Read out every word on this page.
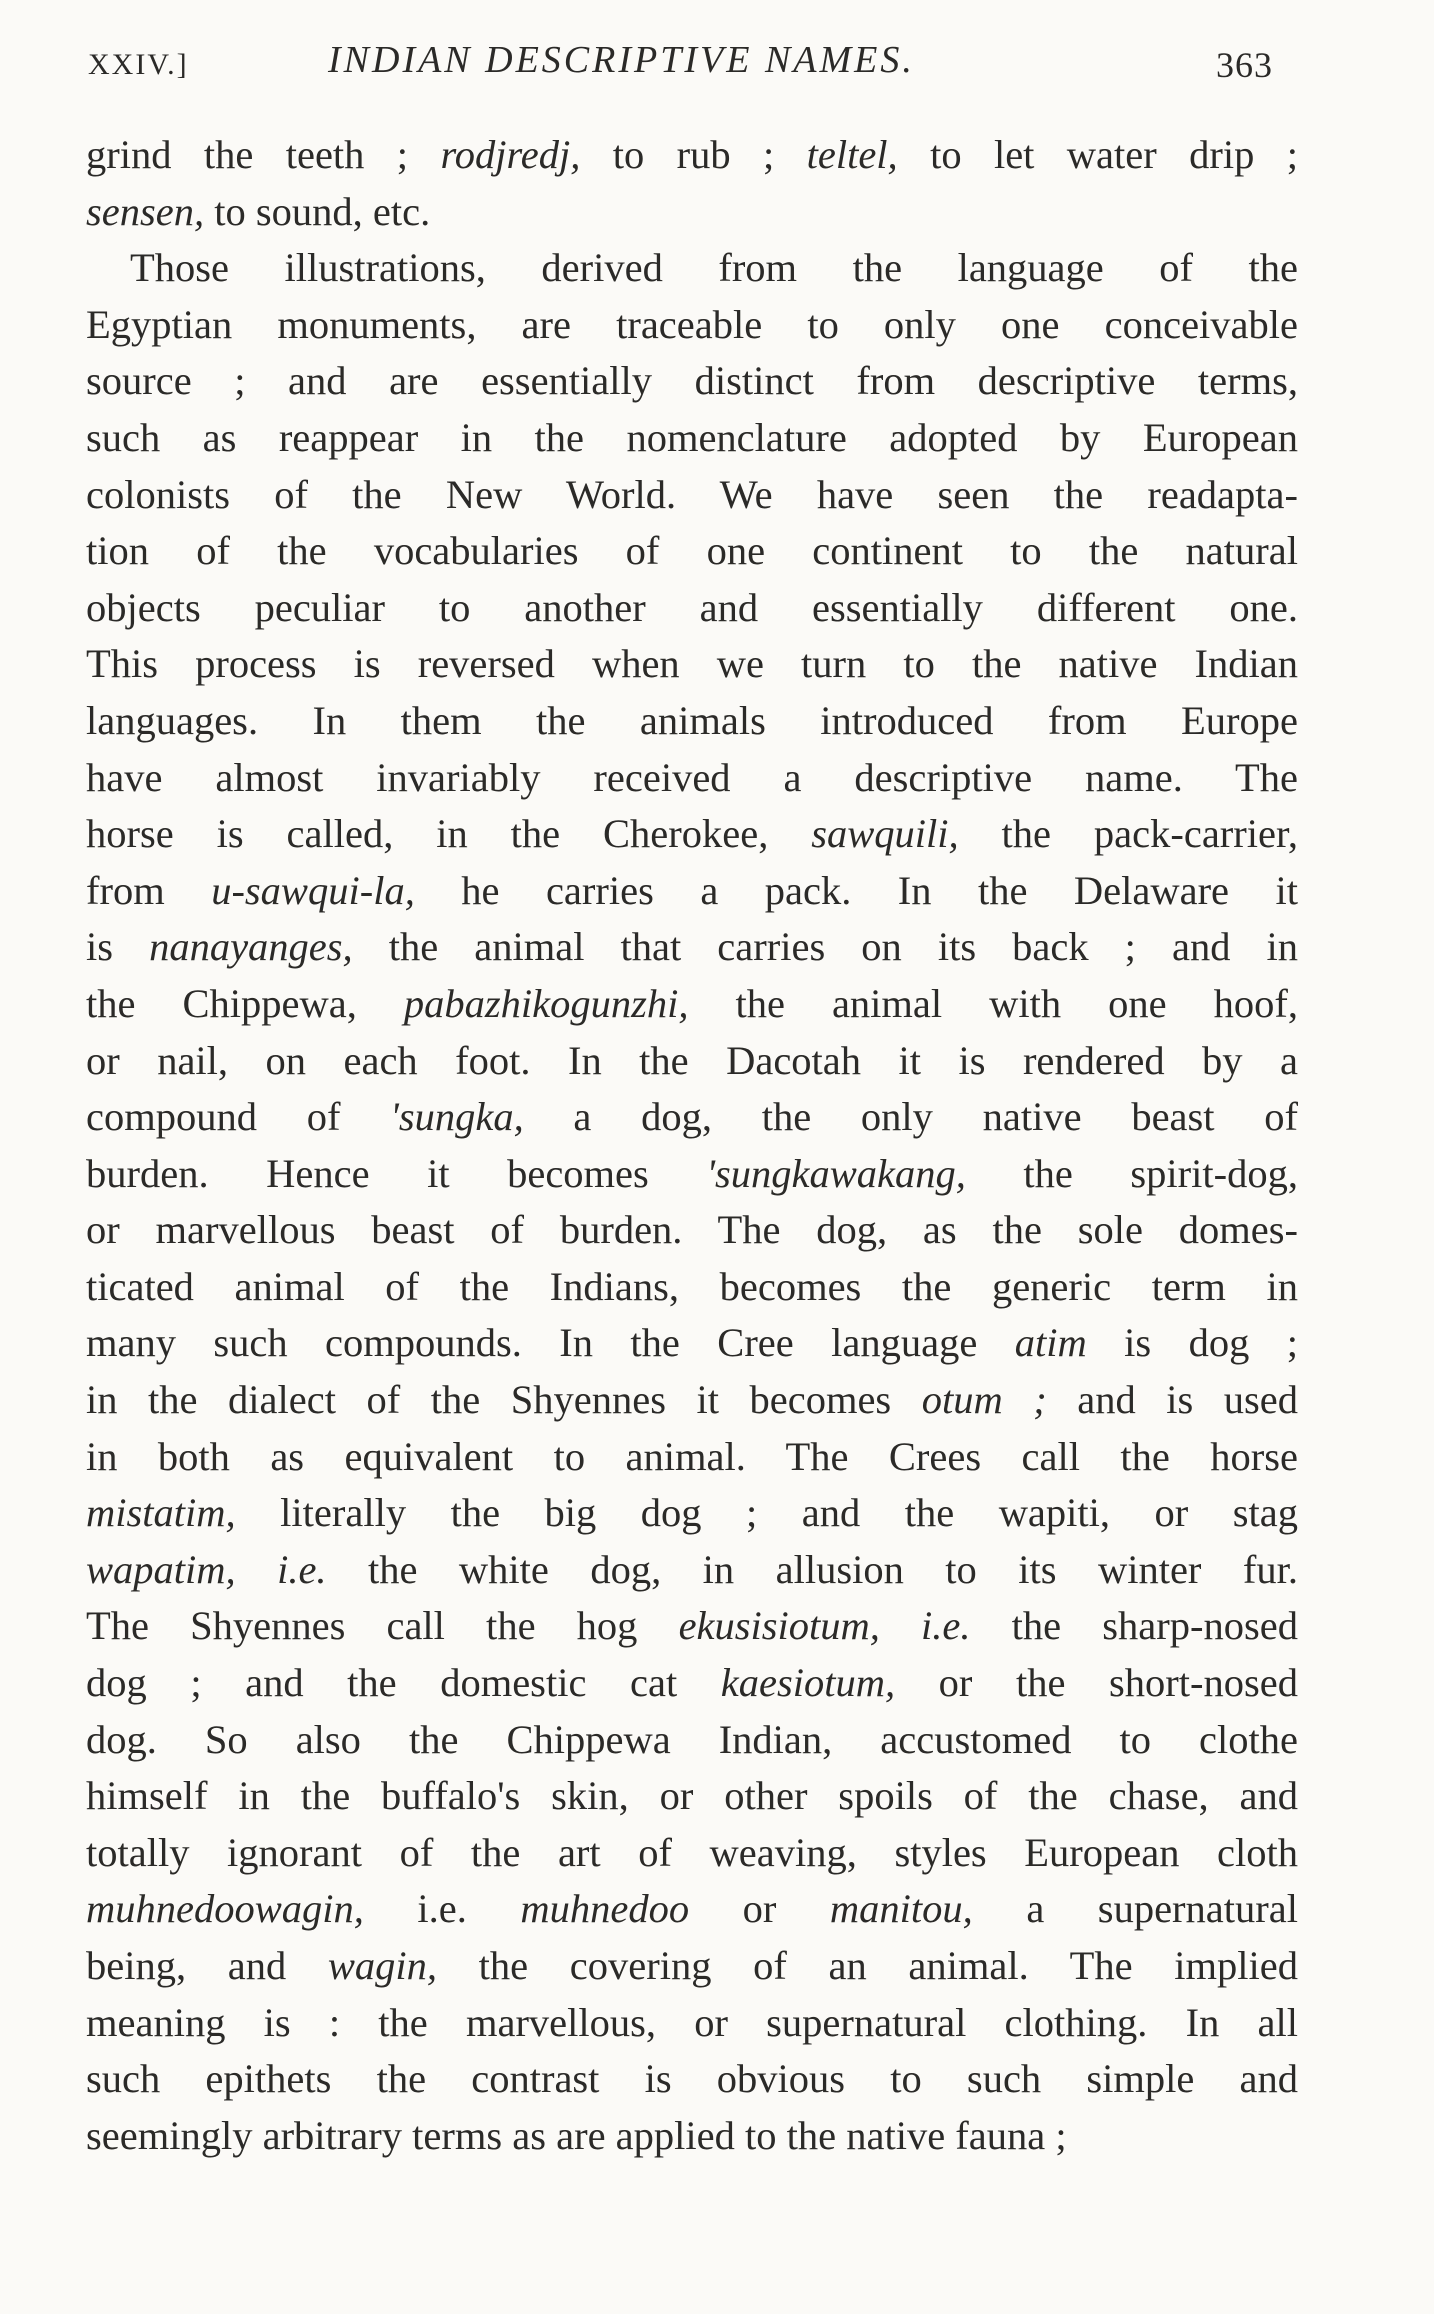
XXIV.]	INDIAN DESCRIPTIVE NAMES.	363
grind the teeth ; rodjredj, to rub ; teltel, to let water drip ;
sensen, to sound, etc.
Those illustrations, derived from the language of the
Egyptian monuments, are traceable to only one conceivable
source ; and are essentially distinct from descriptive terms,
such as reappear in the nomenclature adopted by European
colonists of the New World. We have seen the readapta-
tion of the vocabularies of one continent to the natural
objects peculiar to another and essentially different one.
This process is reversed when we turn to the native Indian
languages. In them the animals introduced from Europe
have almost invariably received a descriptive name. The
horse is called, in the Cherokee, sawquili, the pack-carrier,
from u-sawqui-la, he carries a pack. In the Delaware it
is nanayanges, the animal that carries on its back ; and in
the Chippewa, pabazhikogunzhi, the animal with one hoof,
or nail, on each foot. In the Dacotah it is rendered by a
compound of 'sungka, a dog, the only native beast of
burden. Hence it becomes 'sungkawakang, the spirit-dog,
or marvellous beast of burden. The dog, as the sole domes-
ticated animal of the Indians, becomes the generic term in
many such compounds. In the Cree language atim is dog ;
in the dialect of the Shyennes it becomes otum ; and is used
in both as equivalent to animal. The Crees call the horse
mistatim, literally the big dog ; and the wapiti, or stag
wapatim, i.e. the white dog, in allusion to its winter fur.
The Shyennes call the hog ekusisiotum, i.e. the sharp-nosed
dog ; and the domestic cat kaesiotum, or the short-nosed
dog. So also the Chippewa Indian, accustomed to clothe
himself in the buffalo's skin, or other spoils of the chase, and
totally ignorant of the art of weaving, styles European cloth
muhnedoowagin, i.e. muhnedoo or manitou, a supernatural
being, and wagin, the covering of an animal. The implied
meaning is : the marvellous, or supernatural clothing. In all
such epithets the contrast is obvious to such simple and
seemingly arbitrary terms as are applied to the native fauna ;
